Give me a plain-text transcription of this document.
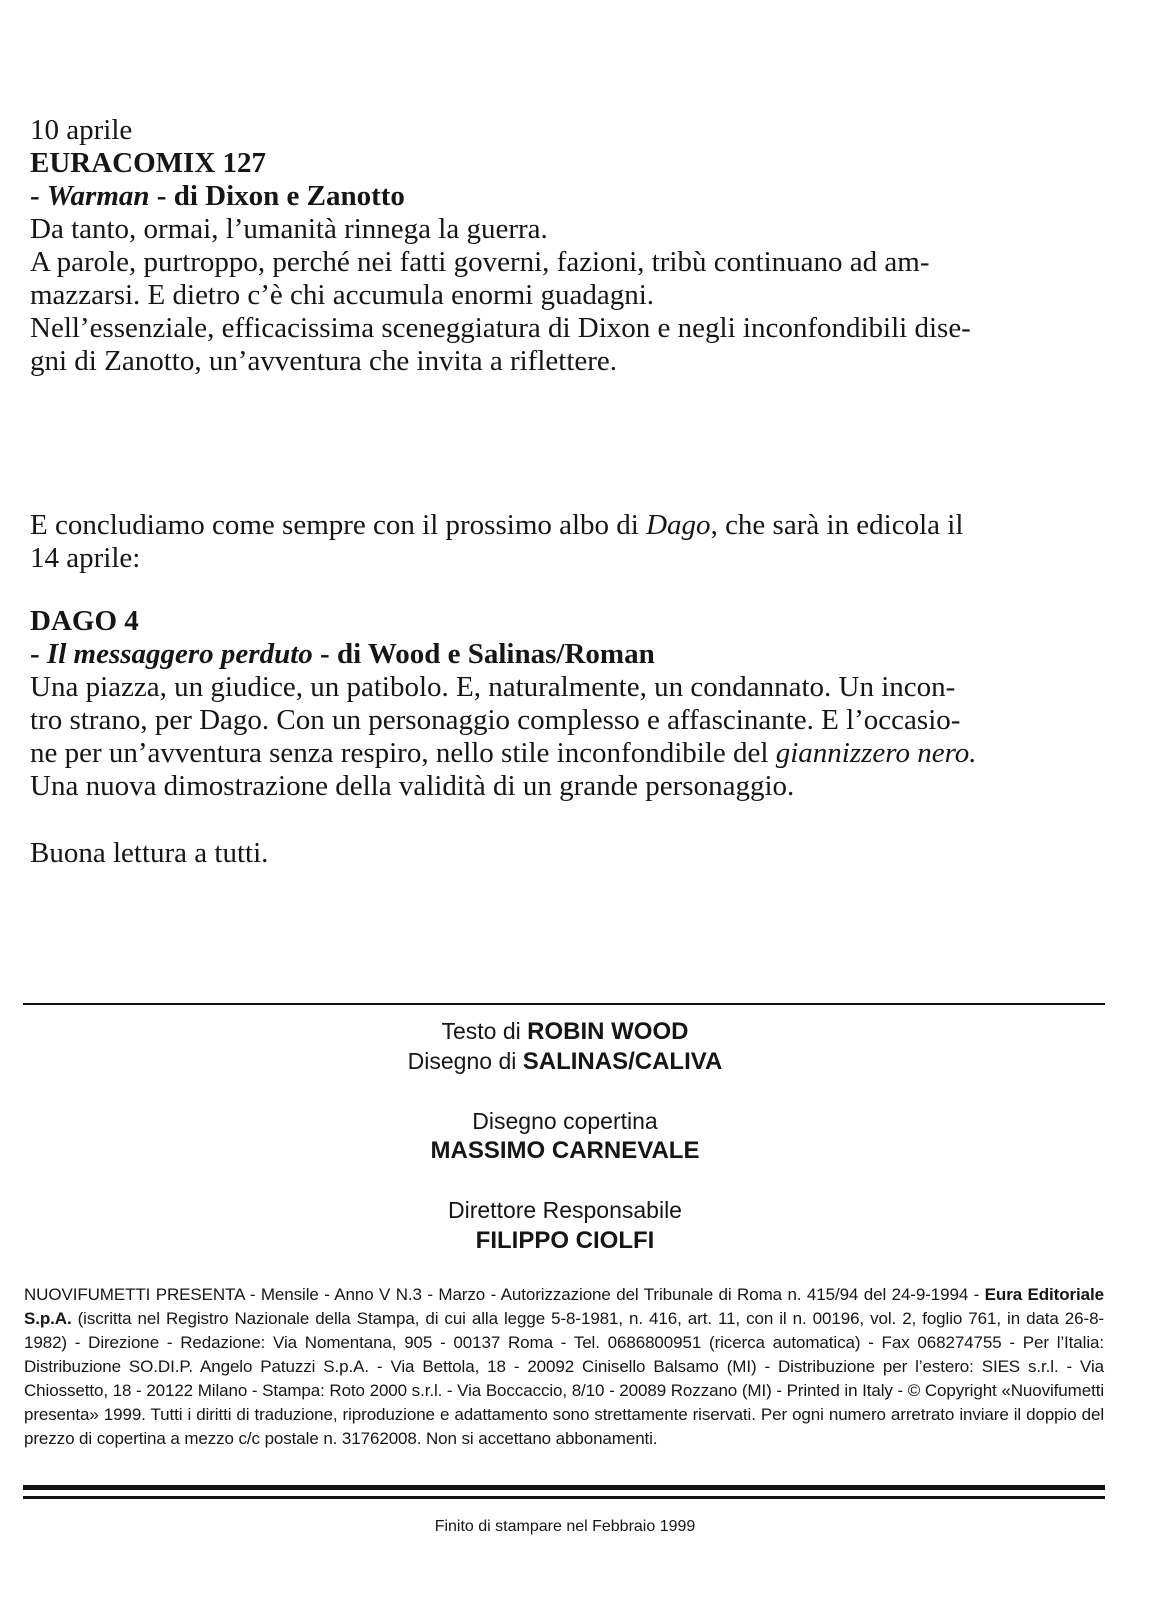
10 aprile

EURACOMIX 127

- Warman - di Dixon e Zanotto

Da tanto, ormai, l’umanità rinnega la guerra.

A parole, purtroppo, perché nei fatti governi, fazioni, tribù continuano ad am-

mazzarsi. E dietro c’è chi accumula enormi guadagni.

Nell’essenziale, efficacissima sceneggiatura di Dixon e negli inconfondibili dise-

gni di Zanotto, un’avventura che invita a riflettere.

E concludiamo come sempre con il prossimo albo di Dago, che sarà in edicola il

14 aprile:

DAGO 4

- Il messaggero perduto - di Wood e Salinas/Roman

Una piazza, un giudice, un patibolo. E, naturalmente, un condannato. Un incon-

tro strano, per Dago. Con un personaggio complesso e affascinante. E l’occasio-

ne per un’avventura senza respiro, nello stile inconfondibile del giannizzero nero.

Una nuova dimostrazione della validità di un grande personaggio.

Buona lettura a tutti.

Testo di ROBIN WOOD
Disegno di SALINAS/CALIVA
Disegno copertina
MASSIMO CARNEVALE
Direttore Responsabile
FILIPPO CIOLFI
NUOVIFUMETTI PRESENTA - Mensile - Anno V N.3 - Marzo - Autorizzazione del Tribunale di Roma n. 415/94 del 24-9-1994 - Eura Editoriale S.p.A. (iscritta nel Registro Nazionale della Stampa, di cui alla legge 5-8-1981, n. 416, art. 11, con il n. 00196, vol. 2, foglio 761, in data 26-8-1982) - Direzione - Redazione: Via Nomentana, 905 - 00137 Roma - Tel. 0686800951 (ricerca automatica) - Fax 068274755 - Per l’Italia: Distribuzione SO.DI.P. Angelo Patuzzi S.p.A. - Via Bettola, 18 - 20092 Cinisello Balsamo (MI) - Distribuzione per l’estero: SIES s.r.l. - Via Chiossetto, 18 - 20122 Milano - Stampa: Roto 2000 s.r.l. - Via Boccaccio, 8/10 - 20089 Rozzano (MI) - Printed in Italy - © Copyright «Nuovifumetti presenta» 1999. Tutti i diritti di traduzione, riproduzione e adattamento sono strettamente riservati. Per ogni numero arretrato inviare il doppio del prezzo di copertina a mezzo c/c postale n. 31762008. Non si accettano abbonamenti.
Finito di stampare nel Febbraio 1999
